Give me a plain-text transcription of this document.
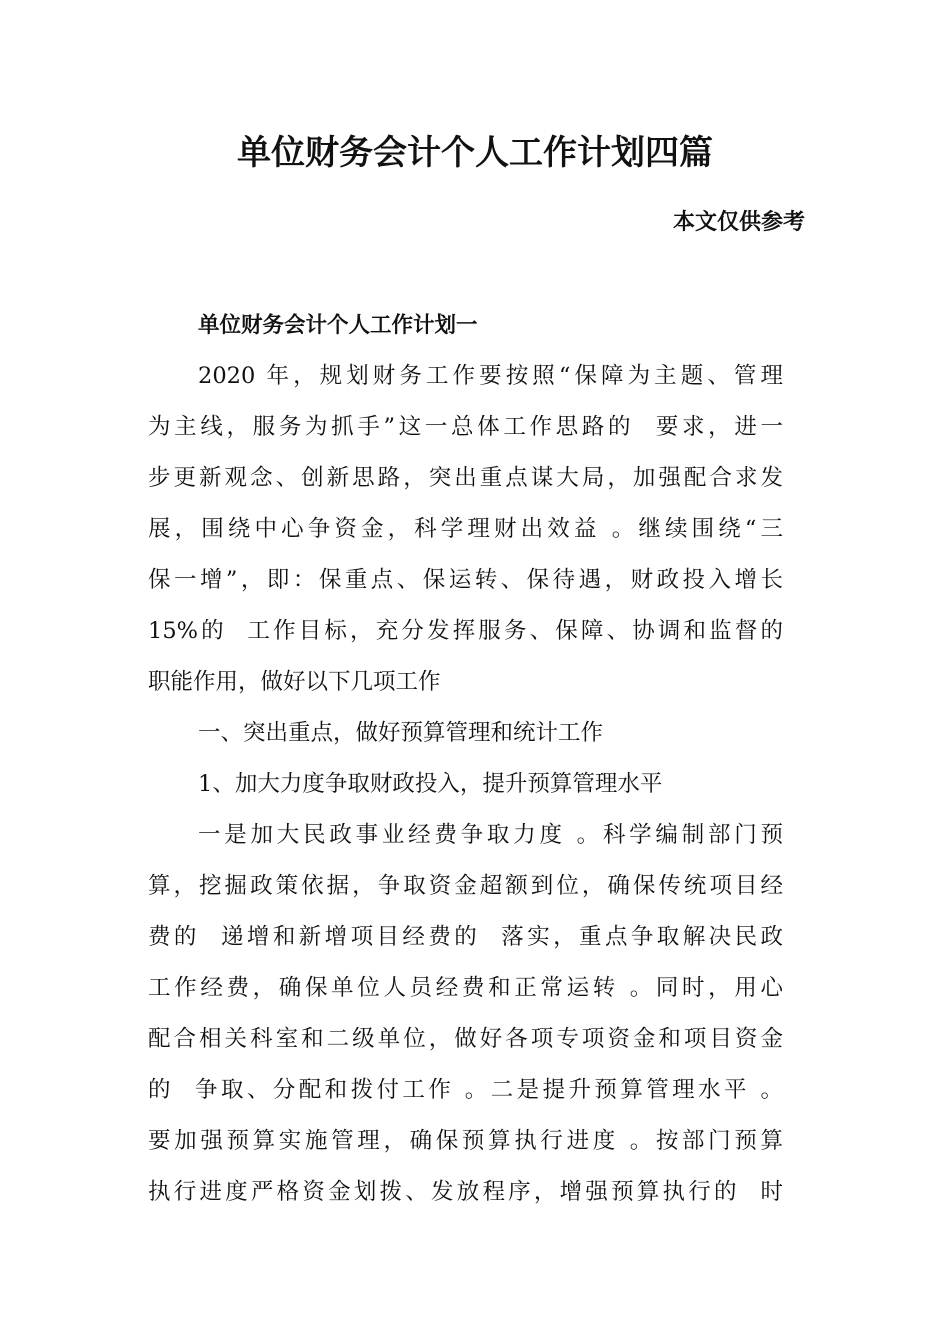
单位财务会计个人工作计划四篇
本文仅供参考
单位财务会计个人工作计划一
2020 年，规划财务工作要按照“保障为主题、管理
为主线，服务为抓手”这一总体工作思路的  要求，进一
步更新观念、创新思路，突出重点谋大局，加强配合求发
展，围绕中心争资金，科学理财出效益 。继续围绕“三
保一增”，即：保重点、保运转、保待遇，财政投入增长
15%的  工作目标，充分发挥服务、保障、协调和监督的
职能作用，做好以下几项工作
一、突出重点，做好预算管理和统计工作
1、加大力度争取财政投入，提升预算管理水平
一是加大民政事业经费争取力度 。科学编制部门预
算，挖掘政策依据，争取资金超额到位，确保传统项目经
费的  递增和新增项目经费的  落实，重点争取解决民政
工作经费，确保单位人员经费和正常运转 。同时，用心
配合相关科室和二级单位，做好各项专项资金和项目资金
的  争取、分配和拨付工作 。二是提升预算管理水平 。
要加强预算实施管理，确保预算执行进度 。按部门预算
执行进度严格资金划拨、发放程序，增强预算执行的  时
